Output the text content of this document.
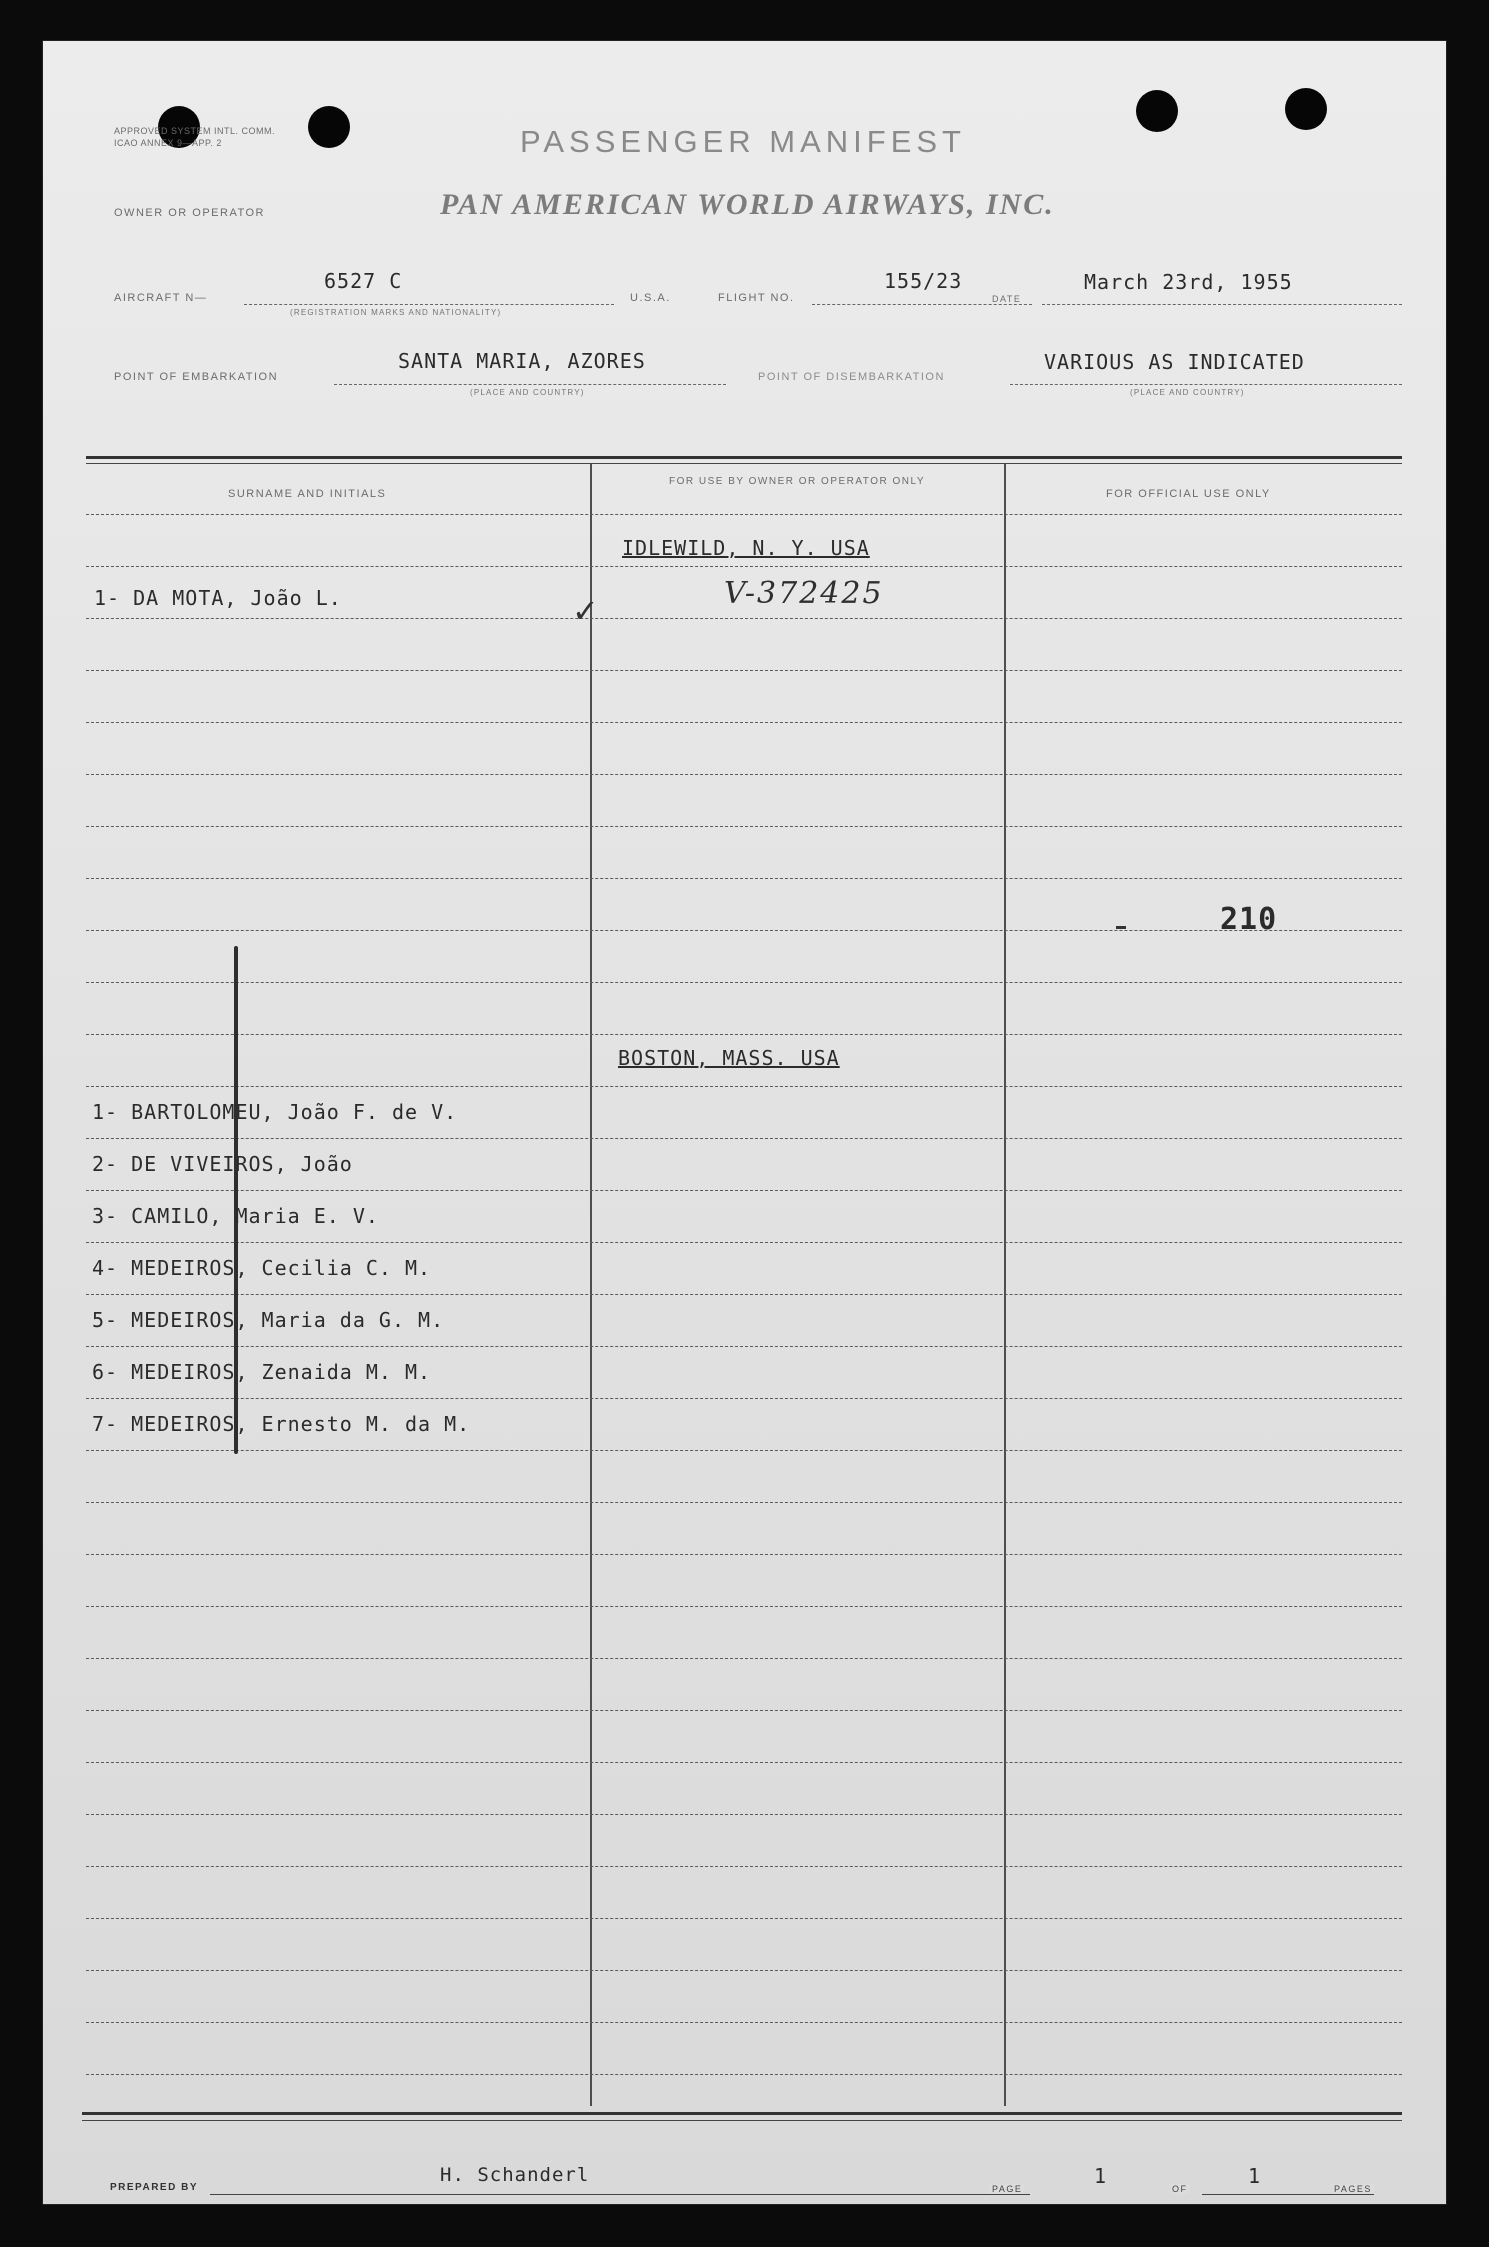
APPROVED SYSTEM INTL. COMM.
ICAO ANNEX 9—APP. 2	PASSENGER MANIFEST
OWNER OR OPERATOR	PAN AMERICAN WORLD AIRWAYS, INC.
AIRCRAFT N—
6527 C
(REGISTRATION MARKS AND NATIONALITY)
U.S.A.	FLIGHT NO.
155/23
DATE
March 23rd, 1955
POINT OF EMBARKATION
SANTA MARIA, AZORES
(PLACE AND COUNTRY)
POINT OF DISEMBARKATION
VARIOUS AS INDICATED
(PLACE AND COUNTRY)
SURNAME AND INITIALS
FOR USE BY OWNER OR OPERATOR ONLY
FOR OFFICIAL USE ONLY
IDLEWILD, N. Y. USA
✓	V-372425
1- DA MOTA, João L.
210
BOSTON, MASS. USA
1- BARTOLOMEU, João F. de V.
2- DE VIVEIROS, João
3- CAMILO, Maria E. V.
4- MEDEIROS, Cecilia C. M.
5- MEDEIROS, Maria da G. M.
6- MEDEIROS, Zenaida M. M.
7- MEDEIROS, Ernesto M. da M.
PREPARED BY
H. Schanderl
PAGE
1
OF
1
PAGES
